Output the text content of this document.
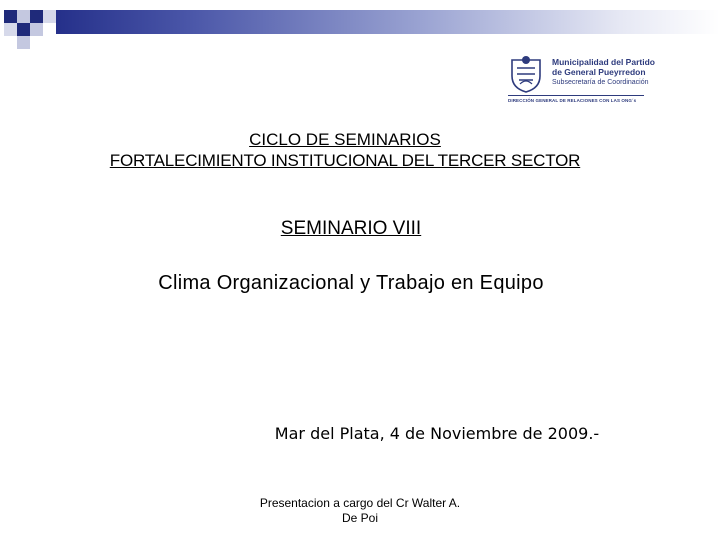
Municipalidad del Partido
de General Pueyrredon
Subsecretaría de Coordinación
DIRECCIÓN GENERAL DE RELACIONES CON LAS ONG´s
CICLO DE SEMINARIOS
FORTALECIMIENTO INSTITUCIONAL DEL TERCER SECTOR
SEMINARIO VIII
Clima Organizacional y Trabajo en Equipo
Mar del Plata, 4 de Noviembre de 2009.-
Presentacion a cargo del Cr Walter A.
De Poi
